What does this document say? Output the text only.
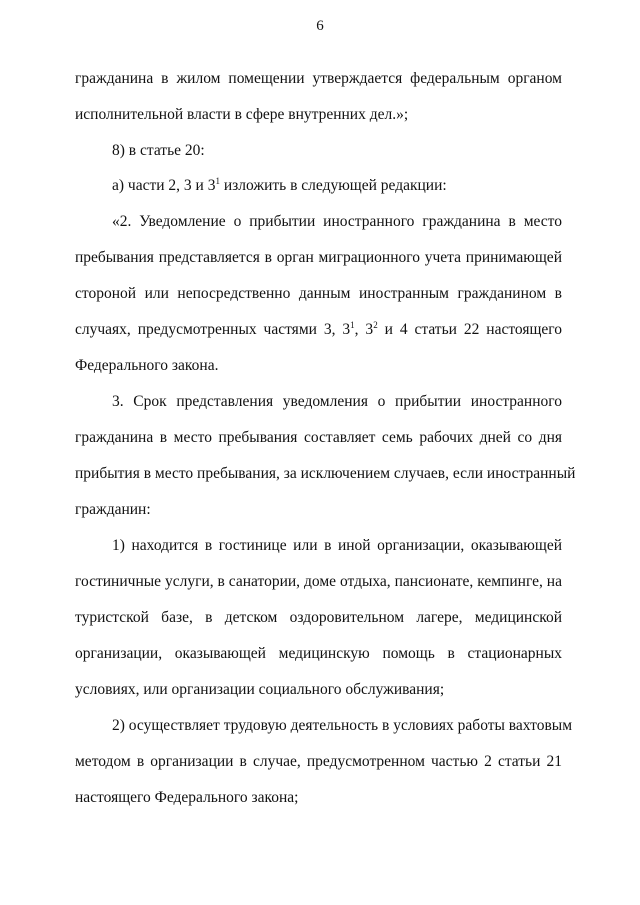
6
гражданина в жилом помещении утверждается федеральным органом
исполнительной власти в сфере внутренних дел.»;
8) в статье 20:
а) части 2, 3 и $3^1$ изложить в следующей редакции:
«2. Уведомление о прибытии иностранного гражданина в место
пребывания представляется в орган миграционного учета принимающей
стороной или непосредственно данным иностранным гражданином в
случаях, предусмотренных частями 3, $3^1$, $3^2$ и 4 статьи 22 настоящего
Федерального закона.
3. Срок представления уведомления о прибытии иностранного
гражданина в место пребывания составляет семь рабочих дней со дня
прибытия в место пребывания, за исключением случаев, если иностранный
гражданин:
1) находится в гостинице или в иной организации, оказывающей
гостиничные услуги, в санатории, доме отдыха, пансионате, кемпинге, на
туристской базе, в детском оздоровительном лагере, медицинской
организации, оказывающей медицинскую помощь в стационарных
условиях, или организации социального обслуживания;
2) осуществляет трудовую деятельность в условиях работы вахтовым
методом в организации в случае, предусмотренном частью 2 статьи 21
настоящего Федерального закона;
